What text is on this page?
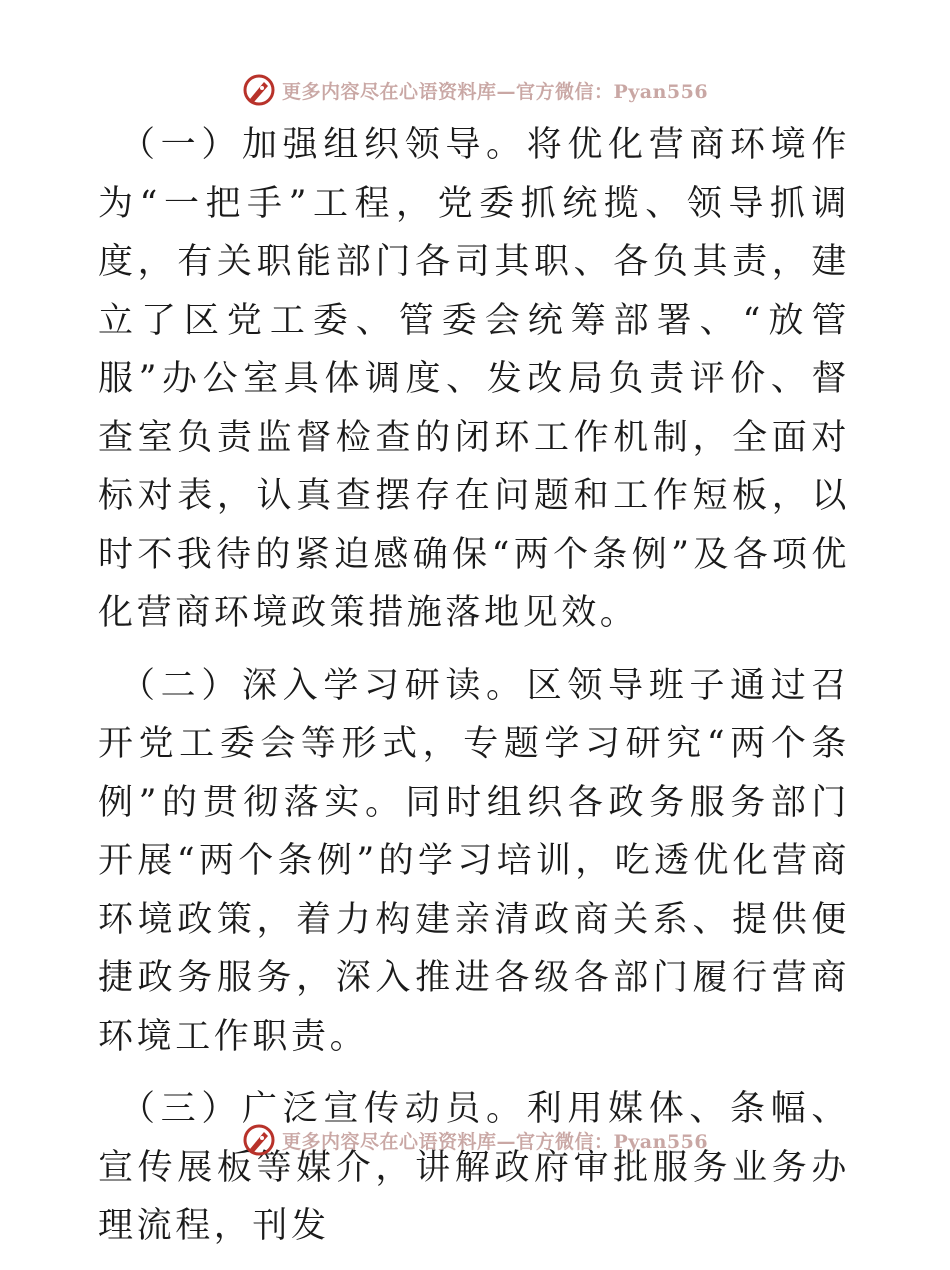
更多内容尽在心语资料库—官方微信：Pyan556

（一）加强组织领导。将优化营商环境作为“一把手”工程，党委抓统揽、领导抓调度，有关职能部门各司其职、各负其责，建立了区党工委、管委会统筹部署、“放管服”办公室具体调度、发改局负责评价、督查室负责监督检查的闭环工作机制，全面对标对表，认真查摆存在问题和工作短板，以时不我待的紧迫感确保“两个条例”及各项优化营商环境政策措施落地见效。

（二）深入学习研读。区领导班子通过召开党工委会等形式，专题学习研究“两个条例”的贯彻落实。同时组织各政务服务部门开展“两个条例”的学习培训，吃透优化营商环境政策，着力构建亲清政商关系、提供便捷政务服务，深入推进各级各部门履行营商环境工作职责。

（三）广泛宣传动员。利用媒体、条幅、宣传展板等媒介，讲解政府审批服务业务办理流程，刊发

更多内容尽在心语资料库—官方微信：Pyan556
